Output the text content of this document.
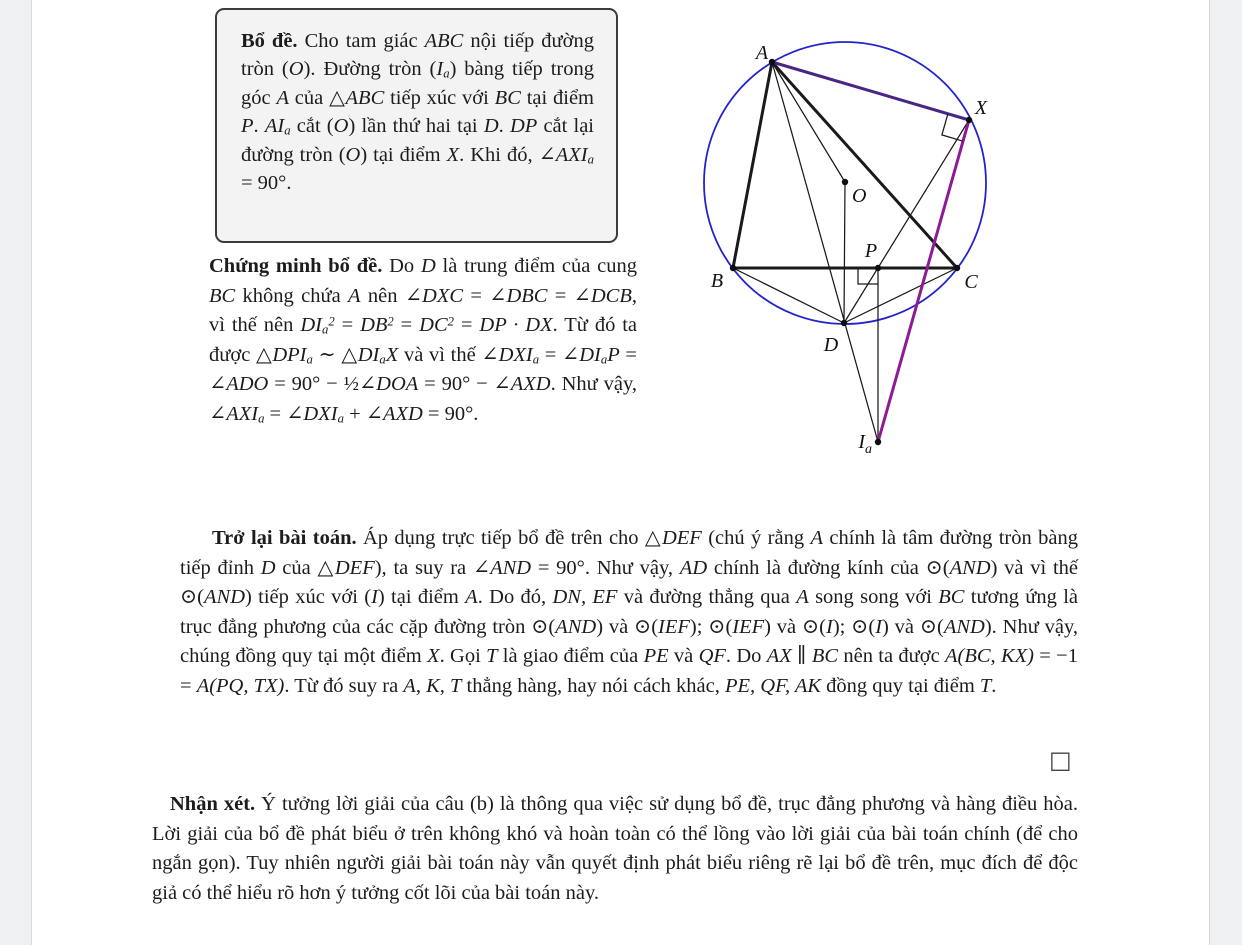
Bổ đề. Cho tam giác ABC nội tiếp đường tròn (O). Đường tròn $(I_a)$ bàng tiếp trong góc A của △ABC tiếp xúc với BC tại điểm P. $AI_a$ cắt (O) lần thứ hai tại D. DP cắt lại đường tròn (O) tại điểm X. Khi đó, $\angle AXI_a = 90^\circ$.

A
B	C
D
O
P
X
$I_a$

Chứng minh bổ đề. Do D là trung điểm của cung BC không chứa A nên ∠DXC = ∠DBC = ∠DCB, vì thế nên $DI_a^2 = DB^2 = DC^2$ = DP · DX. Từ đó ta được $\triangle DPI_a$ ∼ $\triangle DI_aX$ và vì thế $\angle DXI_a$ = $\angle DI_aP$ = ∠ADO = 90° − ½∠DOA = 90° − ∠AXD. Như vậy, $\angle AXI_a$ = $\angle DXI_a$ + ∠AXD = 90°.

Trở lại bài toán. Áp dụng trực tiếp bổ đề trên cho △DEF (chú ý rằng A chính là tâm đường tròn bàng tiếp đỉnh D của △DEF), ta suy ra ∠AND = 90°. Như vậy, AD chính là đường kính của ⊙(AND) và vì thế ⊙(AND) tiếp xúc với (I) tại điểm A. Do đó, DN, EF và đường thẳng qua A song song với BC tương ứng là trục đẳng phương của các cặp đường tròn ⊙(AND) và ⊙(IEF); ⊙(IEF) và ⊙(I); ⊙(I) và ⊙(AND). Như vậy, chúng đồng quy tại một điểm X. Gọi T là giao điểm của PE và QF. Do AX ∥ BC nên ta được A(BC, KX) = −1 = A(PQ, TX). Từ đó suy ra A, K, T thẳng hàng, hay nói cách khác, PE, QF, AK đồng quy tại điểm T.

□

Nhận xét. Ý tưởng lời giải của câu (b) là thông qua việc sử dụng bổ đề, trục đẳng phương và hàng điều hòa. Lời giải của bổ đề phát biểu ở trên không khó và hoàn toàn có thể lồng vào lời giải của bài toán chính (để cho ngắn gọn). Tuy nhiên người giải bài toán này vẫn quyết định phát biểu riêng rẽ lại bổ đề trên, mục đích để độc giả có thể hiểu rõ hơn ý tưởng cốt lõi của bài toán này.
